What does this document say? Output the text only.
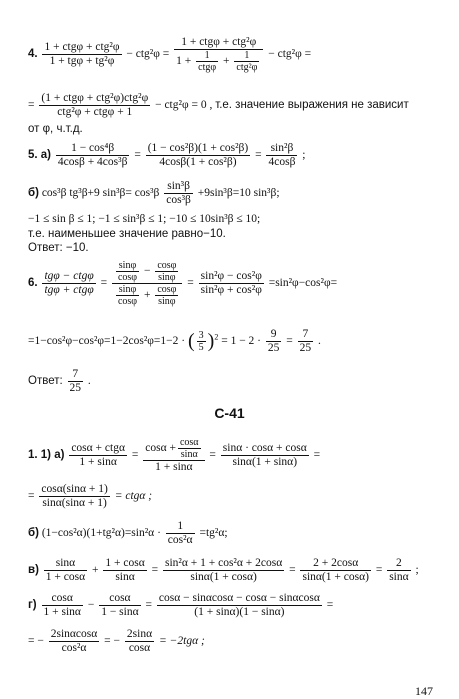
4. $\frac{\text{1 + ctgφ + ctg²φ}}{\text{1 + tgφ + tg²φ}} - ctg^2\varphi = \frac{\text{1 + ctgφ + ctg²φ}}{1 + \frac{1}{\text{ctgφ}} + \frac{1}{\text{ctg²φ}}} - ctg^2\varphi$ =
= $\frac{\text{(1 + ctgφ + ctg²φ)ctg²φ}}{\text{ctg²φ + ctgφ + 1}} - ctg^2\varphi = 0$ , т.е. значение выражения не зависит
от φ, ч.т.д.
5. $а) \frac{\text{1 − cos⁴β}}{\text{4cosβ + 4cos³β}} = \frac{\text{(1 − cos²β)(1 + cos²β)}}{\text{4cosβ(1 + cos²β)}} = \frac{\text{sin²β}}{4\cos\beta}$ ;
б) cos³β tg³β+9 $\sin^3\beta= \cos^3\beta \frac{\text{sin³β}}{\text{cos³β}} +9\sin^3\beta=10$ sin³β;
−1 ≤ sin β ≤ 1; −1 ≤ sin³β ≤ 1; −10 ≤ 10sin³β ≤ 10;
т.е. наименьшее значение равно−10.
Ответ: −10.
6. $\frac{\text{tgφ − ctgφ}}{\text{tgφ + ctgφ}} = \frac{\frac{\sin\varphi}{\cos\varphi} - \frac{\cos\varphi}{\sin\varphi}}{\frac{\sin\varphi}{\cos\varphi} + \frac{\cos\varphi}{\sin\varphi}} = \frac{\text{sin²φ − cos²φ}}{\text{sin²φ + cos²φ}} =\sin^2\varphi-\cos^2\varphi=$
=1−cos²φ−cos²φ=1−2cos²φ=1−2 · ( $\frac{3}{5} )^2 = 1 - 2 \cdot \frac{9}{25} = \frac{7}{25}$ .
Ответ: $\frac{7}{25}$ .
С-41
1. 1) $а) \frac{\text{cosα + ctgα}}{1 + \sin\alpha} = \frac{\cos\alpha + \frac{\cos\alpha}{\sin\alpha}}{1 + \sin\alpha} = \frac{\sin\alpha \cdot \cos\alpha + \cos\alpha}{\sin\alpha(1 + \sin\alpha)}$ =
= $\frac{\cos\alpha(\sin\alpha + 1)}{\sin\alpha(\sin\alpha + 1)} = ctg\alpha$ ;
б) $(1-\cos^2\alpha)(1+tg^2\alpha)=\sin^2\alpha \cdot \frac{1}{\text{cos²α}} =tg^2\alpha$;
$в) \frac{\sin\alpha}{1 + \cos\alpha} + \frac{1 + \cos\alpha}{\sin\alpha} = \frac{\text{sin²α + 1 + cos²α + 2cosα}}{\sin\alpha(1 + \cos\alpha)} = \frac{2 + 2\cos\alpha}{\sin\alpha(1 + \cos\alpha)} = \frac{2}{\sin\alpha}$ ;
$г) \frac{\cos\alpha}{1 + \sin\alpha} - \frac{\cos\alpha}{1 - \sin\alpha} = \frac{\cos\alpha - \sin\alpha\cos\alpha - \cos\alpha - \sin\alpha\cos\alpha}{(1 + \sin\alpha)(1 - \sin\alpha)}$ =
= − $\frac{2\sin\alpha\cos\alpha}{\text{cos²α}}$ = − $\frac{2\sin\alpha}{\cos\alpha} = -2tg\alpha$ ;
147
